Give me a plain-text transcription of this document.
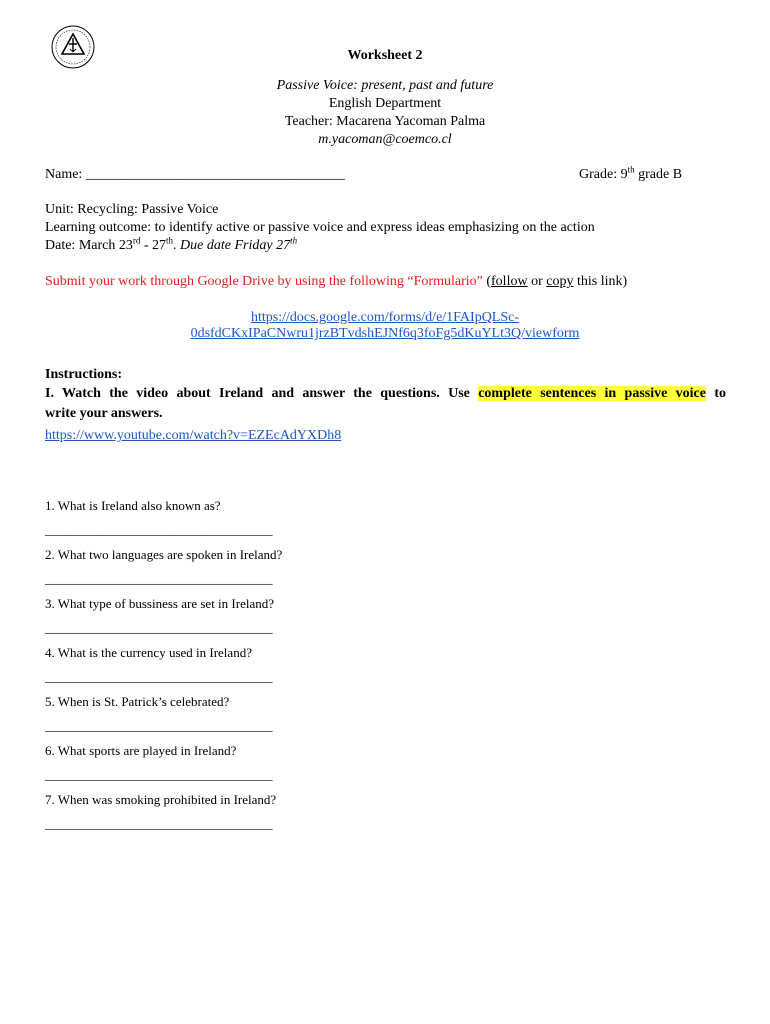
Worksheet 2
Passive Voice: present, past and future
English Department
Teacher: Macarena Yacoman Palma
m.yacoman@coemco.cl
Name: _____________________________________	Grade: 9th grade B
Unit: Recycling: Passive Voice
Learning outcome: to identify active or passive voice and express ideas emphasizing on the action
Date: March 23rd - 27th. Due date Friday 27th
Submit your work through Google Drive by using the following “Formulario” (follow or copy this link)
https://docs.google.com/forms/d/e/1FAIpQLSc-
0dsfdCKxIPaCNwru1jrzBTvdshEJNf6q3foFg5dKuYLt3Q/viewform
Instructions:
I. Watch the video about Ireland and answer the questions. Use complete sentences in passive voice to
write your answers.
https://www.youtube.com/watch?v=EZEcAdYXDh8
1. What is Ireland also known as?
___________________________________
2. What two languages are spoken in Ireland?
___________________________________
3. What type of bussiness are set in Ireland?
___________________________________
4. What is the currency used in Ireland?
___________________________________
5. When is St. Patrick’s celebrated?
___________________________________
6. What sports are played in Ireland?
___________________________________
7. When was smoking prohibited in Ireland?
___________________________________
